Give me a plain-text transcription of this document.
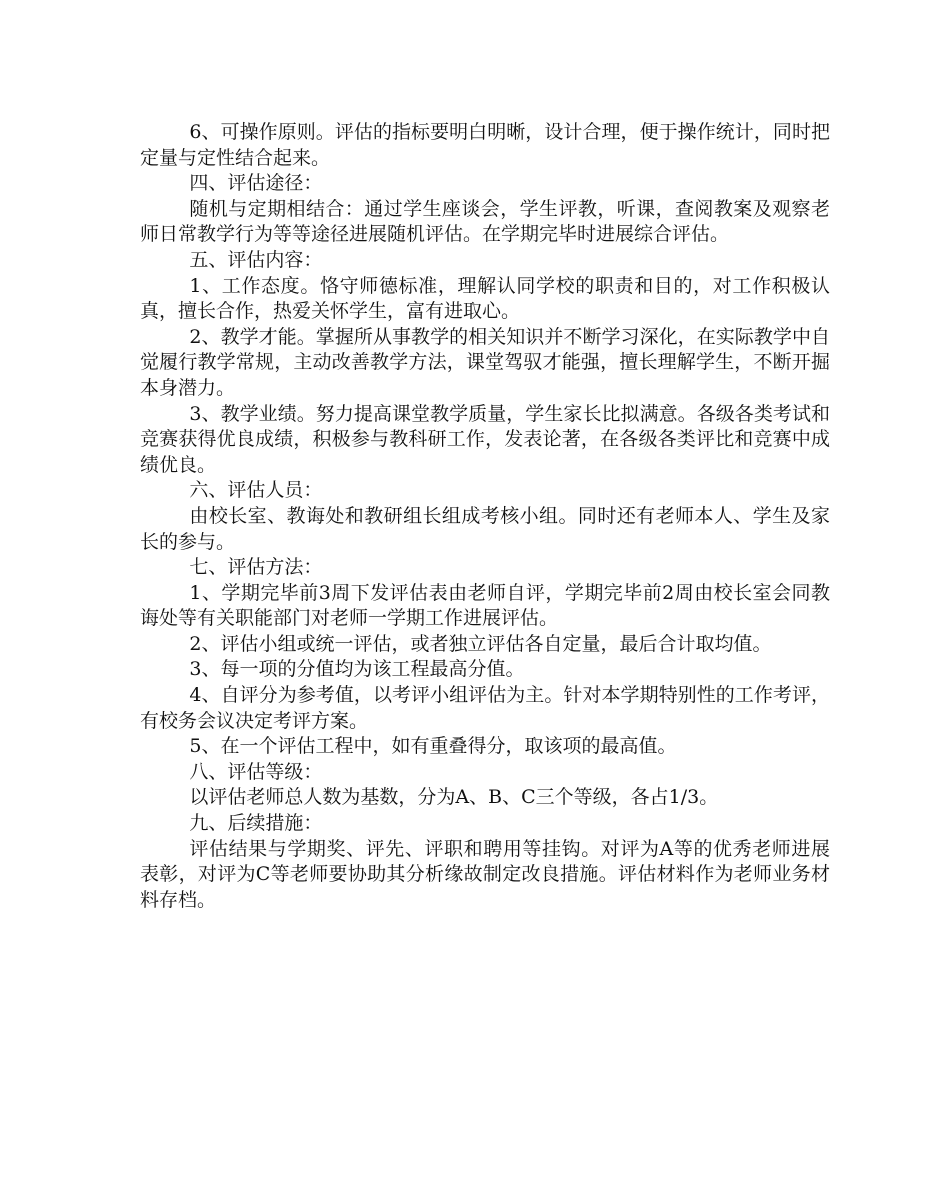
6、可操作原则。评估的指标要明白明晰，设计合理，便于操作统计，同时把定量与定性结合起来。

四、评估途径：

随机与定期相结合：通过学生座谈会，学生评教，听课，查阅教案及观察老师日常教学行为等等途径进展随机评估。在学期完毕时进展综合评估。

五、评估内容：

1、工作态度。恪守师德标准，理解认同学校的职责和目的，对工作积极认真，擅长合作，热爱关怀学生，富有进取心。

2、教学才能。掌握所从事教学的相关知识并不断学习深化，在实际教学中自觉履行教学常规，主动改善教学方法，课堂驾驭才能强，擅长理解学生，不断开掘本身潜力。

3、教学业绩。努力提高课堂教学质量，学生家长比拟满意。各级各类考试和竞赛获得优良成绩，积极参与教科研工作，发表论著，在各级各类评比和竞赛中成绩优良。

六、评估人员：

由校长室、教诲处和教研组长组成考核小组。同时还有老师本人、学生及家长的参与。

七、评估方法：

1、学期完毕前3周下发评估表由老师自评，学期完毕前2周由校长室会同教诲处等有关职能部门对老师一学期工作进展评估。

2、评估小组或统一评估，或者独立评估各自定量，最后合计取均值。

3、每一项的分值均为该工程最高分值。

4、自评分为参考值，以考评小组评估为主。针对本学期特别性的工作考评，有校务会议决定考评方案。

5、在一个评估工程中，如有重叠得分，取该项的最高值。

八、评估等级：

以评估老师总人数为基数，分为A、B、C三个等级，各占1/3。

九、后续措施：

评估结果与学期奖、评先、评职和聘用等挂钩。对评为A等的优秀老师进展表彰，对评为C等老师要协助其分析缘故制定改良措施。评估材料作为老师业务材料存档。
